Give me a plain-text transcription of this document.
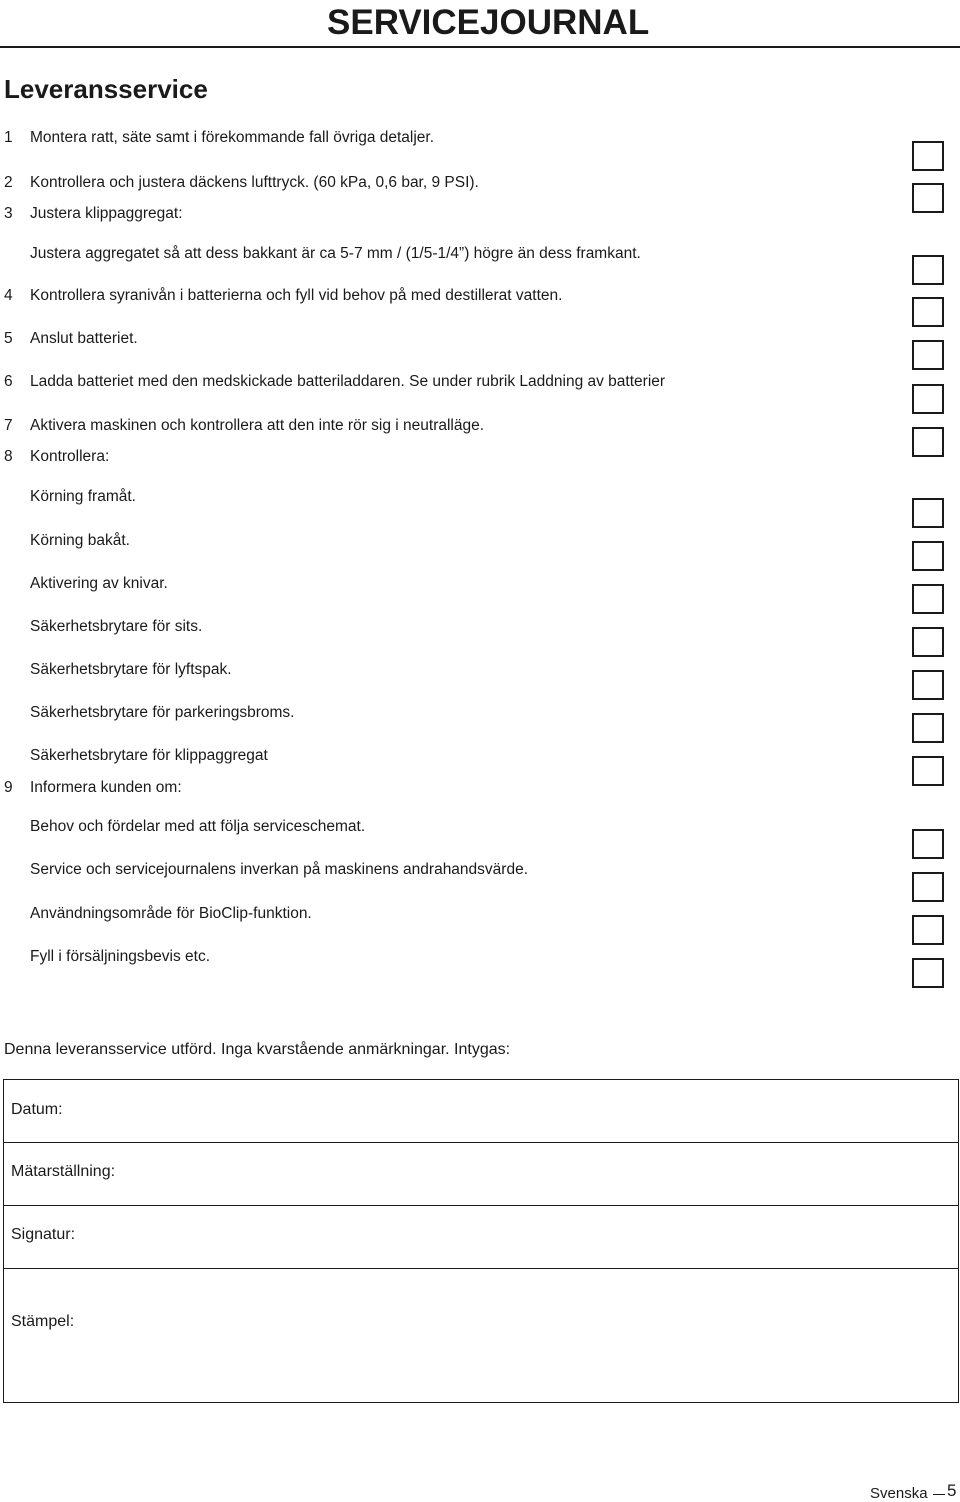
SERVICEJOURNAL
Leveransservice
1 Montera ratt, säte samt i förekommande fall övriga detaljer.
2 Kontrollera och justera däckens lufttryck. (60 kPa, 0,6 bar, 9 PSI).
3 Justera klippaggregat:
Justera aggregatet så att dess bakkant är ca 5-7 mm / (1/5-1/4”) högre än dess framkant.
4 Kontrollera syranivån i batterierna och fyll vid behov på med destillerat vatten.
5 Anslut batteriet.
6 Ladda batteriet med den medskickade batteriladdaren. Se under rubrik Laddning av batterier
7 Aktivera maskinen och kontrollera att den inte rör sig i neutralläge.
8 Kontrollera:
Körning framåt.
Körning bakåt.
Aktivering av knivar.
Säkerhetsbrytare för sits.
Säkerhetsbrytare för lyftspak.
Säkerhetsbrytare för parkeringsbroms.
Säkerhetsbrytare för klippaggregat
9 Informera kunden om:
Behov och fördelar med att följa serviceschemat.
Service och servicejournalens inverkan på maskinens andrahandsvärde.
Användningsområde för BioClip-funktion.
Fyll i försäljningsbevis etc.
Denna leveransservice utförd. Inga kvarstående anmärkningar. Intygas:
Datum:
Mätarställning:
Signatur:
Stämpel:
Svenska 5
